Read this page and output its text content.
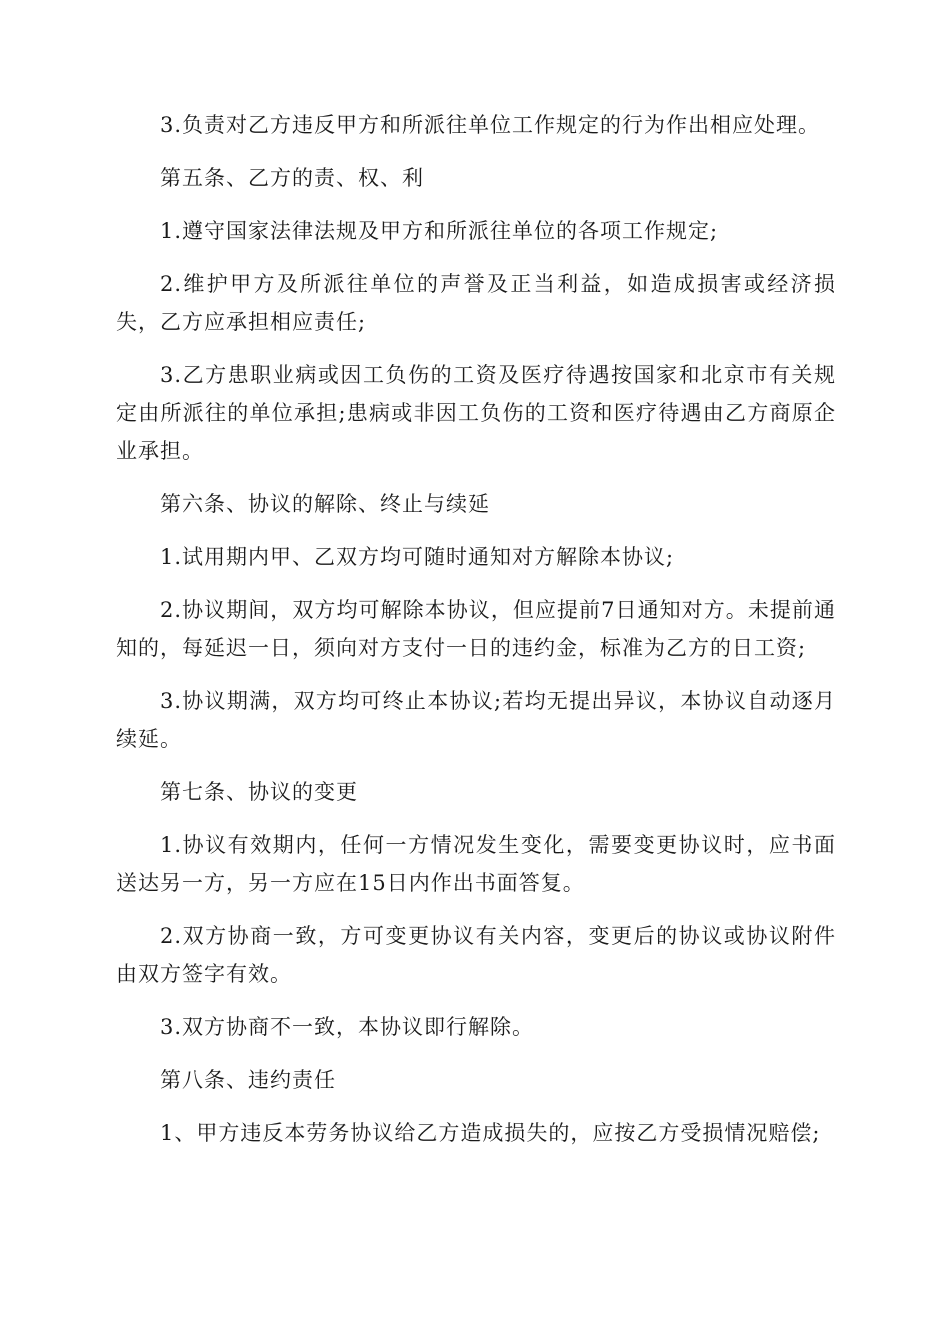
3.负责对乙方违反甲方和所派往单位工作规定的行为作出相应处理。

第五条、乙方的责、权、利

1.遵守国家法律法规及甲方和所派往单位的各项工作规定;

2.维护甲方及所派往单位的声誉及正当利益，如造成损害或经济损失，乙方应承担相应责任;

3.乙方患职业病或因工负伤的工资及医疗待遇按国家和北京市有关规定由所派往的单位承担;患病或非因工负伤的工资和医疗待遇由乙方商原企业承担。

第六条、协议的解除、终止与续延

1.试用期内甲、乙双方均可随时通知对方解除本协议;

2.协议期间，双方均可解除本协议，但应提前7日通知对方。未提前通知的，每延迟一日，须向对方支付一日的违约金，标准为乙方的日工资;

3.协议期满，双方均可终止本协议;若均无提出异议，本协议自动逐月续延。

第七条、协议的变更

1.协议有效期内，任何一方情况发生变化，需要变更协议时，应书面送达另一方，另一方应在15日内作出书面答复。

2.双方协商一致，方可变更协议有关内容，变更后的协议或协议附件由双方签字有效。

3.双方协商不一致，本协议即行解除。

第八条、违约责任

1、甲方违反本劳务协议给乙方造成损失的，应按乙方受损情况赔偿;
